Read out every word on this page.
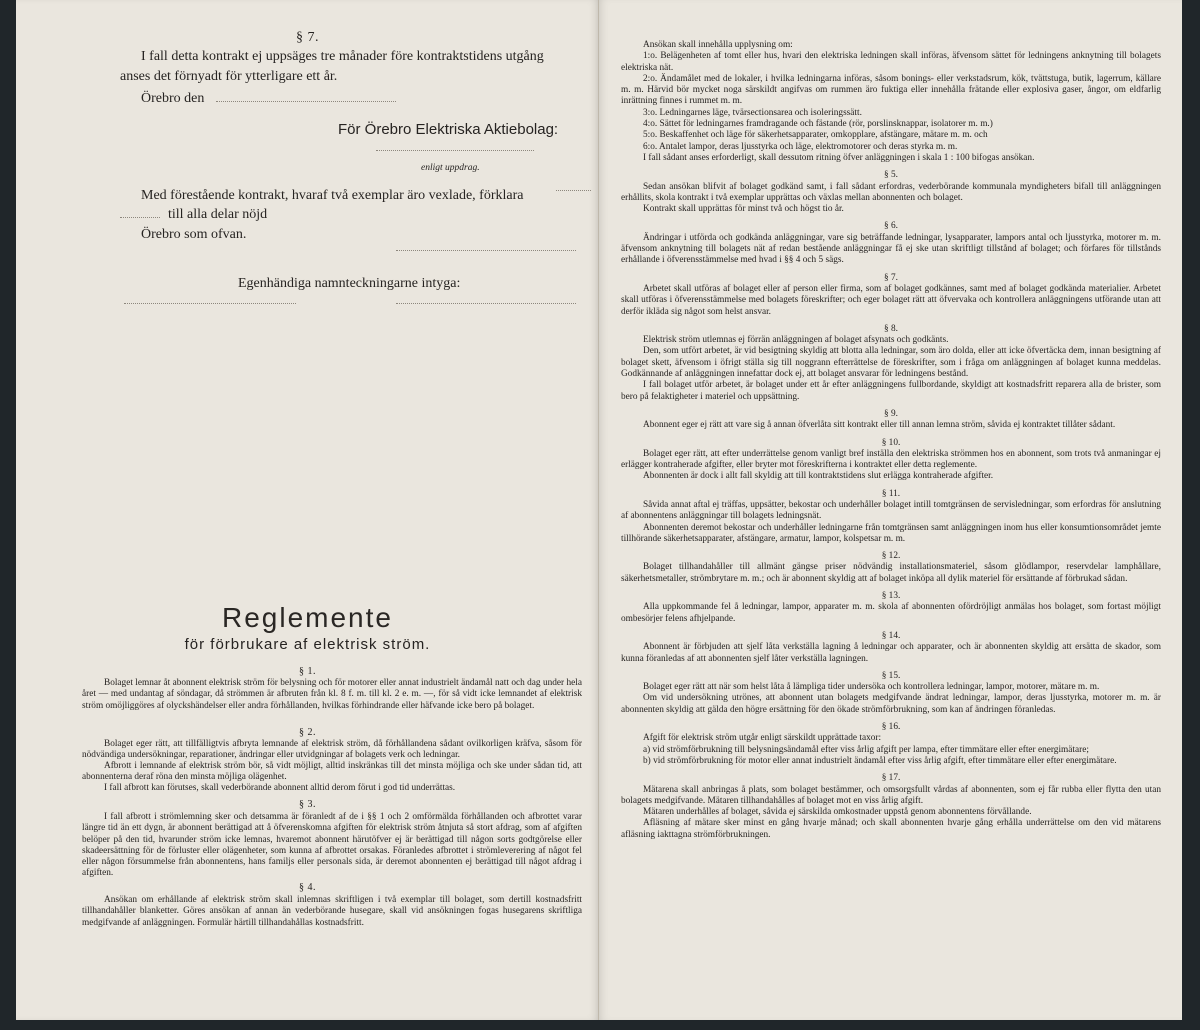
§ 7.

I fall detta kontrakt ej uppsäges tre månader före kontraktstidens utgång

anses det förnyadt för ytterligare ett år.

Örebro den

För Örebro Elektriska Aktiebolag:

enligt uppdrag.

Med förestående kontrakt, hvaraf två exemplar äro vexlade, förklara

till alla delar nöjd

Örebro som ofvan.

Egenhändiga namnteckningarne intyga:

Reglemente
för förbrukare af elektrisk ström.
§ 1.

Bolaget lemnar åt abonnent elektrisk ström för belysning och för motorer eller annat industrielt ändamål natt och dag under hela året — med undantag af söndagar, då strömmen är afbruten från kl. 8 f. m. till kl. 2 e. m. —, för så vidt icke lemnandet af elektrisk ström omöjliggöres af olyckshändelser eller andra förhållanden, hvilkas förhindrande eller häfvande icke bero på bolaget.

§ 2.

Bolaget eger rätt, att tillfälligtvis afbryta lemnande af elektrisk ström, då förhållandena sådant ovilkorligen kräfva, såsom för nödvändiga undersökningar, reparationer, ändringar eller utvidgningar af bolagets verk och ledningar.

Afbrott i lemnande af elektrisk ström bör, så vidt möjligt, alltid inskränkas till det minsta möjliga och ske under sådan tid, att abonnenterna deraf röna den minsta möjliga olägenhet.

I fall afbrott kan förutses, skall vederbörande abonnent alltid derom förut i god tid underrättas.

§ 3.

I fall afbrott i strömlemning sker och detsamma är föranledt af de i §§ 1 och 2 omförmälda förhållanden och afbrottet varar längre tid än ett dygn, är abonnent berättigad att å öfverenskomna afgiften för elektrisk ström åtnjuta så stort afdrag, som af afgiften belöper på den tid, hvarunder ström icke lemnas, hvaremot abonnent härutöfver ej är berättigad till någon sorts godtgörelse eller skadeersättning för de förluster eller olägenheter, som kunna af afbrottet orsakas. Föranledes afbrottet i strömleverering af något fel eller någon försummelse från abonnentens, hans familjs eller personals sida, är deremot abonnenten ej berättigad till något afdrag i afgiften.

§ 4.

Ansökan om erhållande af elektrisk ström skall inlemnas skriftligen i två exemplar till bolaget, som dertill kostnadsfritt tillhandahåller blanketter. Göres ansökan af annan än vederbörande husegare, skall vid ansökningen fogas husegarens skriftliga medgifvande af anläggningen. Formulär härtill tillhandahållas kostnadsfritt.

Ansökan skall innehålla upplysning om:

1:o. Belägenheten af tomt eller hus, hvari den elektriska ledningen skall införas, äfvensom sättet för ledningens anknytning till bolagets elektriska nät.

2:o. Ändamålet med de lokaler, i hvilka ledningarna införas, såsom bonings- eller verkstadsrum, kök, tvättstuga, butik, lagerrum, källare m. m. Härvid bör mycket noga särskildt angifvas om rummen äro fuktiga eller innehålla frätande eller explosiva gaser, ångor, om eldfarlig inrättning finnes i rummet m. m.

3:o. Ledningarnes läge, tvärsectionsarea och isoleringssätt.

4:o. Sättet för ledningarnes framdragande och fästande (rör, porslinsknappar, isolatorer m. m.)

5:o. Beskaffenhet och läge för säkerhetsapparater, omkopplare, afstängare, mätare m. m. och

6:o. Antalet lampor, deras ljusstyrka och läge, elektromotorer och deras styrka m. m.

I fall sådant anses erforderligt, skall dessutom ritning öfver anläggningen i skala 1 : 100 bifogas ansökan.

§ 5.

Sedan ansökan blifvit af bolaget godkänd samt, i fall sådant erfordras, vederbörande kommunala myndigheters bifall till anläggningen erhållits, skola kontrakt i två exemplar upprättas och växlas mellan abonnenten och bolaget.

Kontrakt skall upprättas för minst två och högst tio år.

§ 6.

Ändringar i utförda och godkända anläggningar, vare sig beträffande ledningar, lysapparater, lampors antal och ljusstyrka, motorer m. m. äfvensom anknytning till bolagets nät af redan bestående anläggningar få ej ske utan skriftligt tillstånd af bolaget; och förfares för tillstånds erhållande i öfverensstämmelse med hvad i §§ 4 och 5 sägs.

§ 7.

Arbetet skall utföras af bolaget eller af person eller firma, som af bolaget godkännes, samt med af bolaget godkända materialier. Arbetet skall utföras i öfverensstämmelse med bolagets föreskrifter; och eger bolaget rätt att öfvervaka och kontrollera anläggningens utförande utan att derför ikläda sig något som helst ansvar.

§ 8.

Elektrisk ström utlemnas ej förrän anläggningen af bolaget afsynats och godkänts.

Den, som utfört arbetet, är vid besigtning skyldig att blotta alla ledningar, som äro dolda, eller att icke öfvertäcka dem, innan besigtning af bolaget skett, äfvensom i öfrigt ställa sig till noggrann efterrättelse de föreskrifter, som i fråga om anläggningen af bolaget kunna meddelas. Godkännande af anläggningen innefattar dock ej, att bolaget ansvarar för ledningens bestånd.

I fall bolaget utför arbetet, är bolaget under ett år efter anläggningens fullbordande, skyldigt att kostnadsfritt reparera alla de brister, som bero på felaktigheter i materiel och uppsättning.

§ 9.

Abonnent eger ej rätt att vare sig å annan öfverlåta sitt kontrakt eller till annan lemna ström, såvida ej kontraktet tillåter sådant.

§ 10.

Bolaget eger rätt, att efter underrättelse genom vanligt bref inställa den elektriska strömmen hos en abonnent, som trots två anmaningar ej erlägger kontraherade afgifter, eller bryter mot föreskrifterna i kontraktet eller detta reglemente.

Abonnenten är dock i allt fall skyldig att till kontraktstidens slut erlägga kontraherade afgifter.

§ 11.

Såvida annat aftal ej träffas, uppsätter, bekostar och underhåller bolaget intill tomtgränsen de servisledningar, som erfordras för anslutning af abonnentens anläggningar till bolagets ledningsnät.

Abonnenten deremot bekostar och underhåller ledningarne från tomtgränsen samt anläggningen inom hus eller konsumtionsområdet jemte tillhörande säkerhetsapparater, afstängare, armatur, lampor, kolspetsar m. m.

§ 12.

Bolaget tillhandahåller till allmänt gängse priser nödvändig installationsmateriel, såsom glödlampor, reservdelar lamphållare, säkerhetsmetaller, strömbrytare m. m.; och är abonnent skyldig att af bolaget inköpa all dylik materiel för ersättande af förbrukad sådan.

§ 13.

Alla uppkommande fel å ledningar, lampor, apparater m. m. skola af abonnenten ofördröjligt anmälas hos bolaget, som fortast möjligt ombesörjer felens afhjelpande.

§ 14.

Abonnent är förbjuden att sjelf låta verkställa lagning å ledningar och apparater, och är abonnenten skyldig att ersätta de skador, som kunna föranledas af att abonnenten sjelf låter verkställa lagningen.

§ 15.

Bolaget eger rätt att när som helst låta å lämpliga tider undersöka och kontrollera ledningar, lampor, motorer, mätare m. m.

Om vid undersökning utrönes, att abonnent utan bolagets medgifvande ändrat ledningar, lampor, deras ljusstyrka, motorer m. m. är abonnenten skyldig att gälda den högre ersättning för den ökade strömförbrukning, som kan af ändringen föranledas.

§ 16.

Afgift för elektrisk ström utgår enligt särskildt upprättade taxor:

a) vid strömförbrukning till belysningsändamål efter viss årlig afgift per lampa, efter timmätare eller efter energimätare;

b) vid strömförbrukning för motor eller annat industrielt ändamål efter viss årlig afgift, efter timmätare eller efter energimätare.

§ 17.

Mätarena skall anbringas å plats, som bolaget bestämmer, och omsorgsfullt vårdas af abonnenten, som ej får rubba eller flytta den utan bolagets medgifvande. Mätaren tillhandahålles af bolaget mot en viss årlig afgift.

Mätaren underhålles af bolaget, såvida ej särskilda omkostnader uppstå genom abonnentens förvållande.

Afläsning af mätare sker minst en gång hvarje månad; och skall abonnenten hvarje gång erhålla underrättelse om den vid mätarens afläsning iakttagna strömförbrukningen.
